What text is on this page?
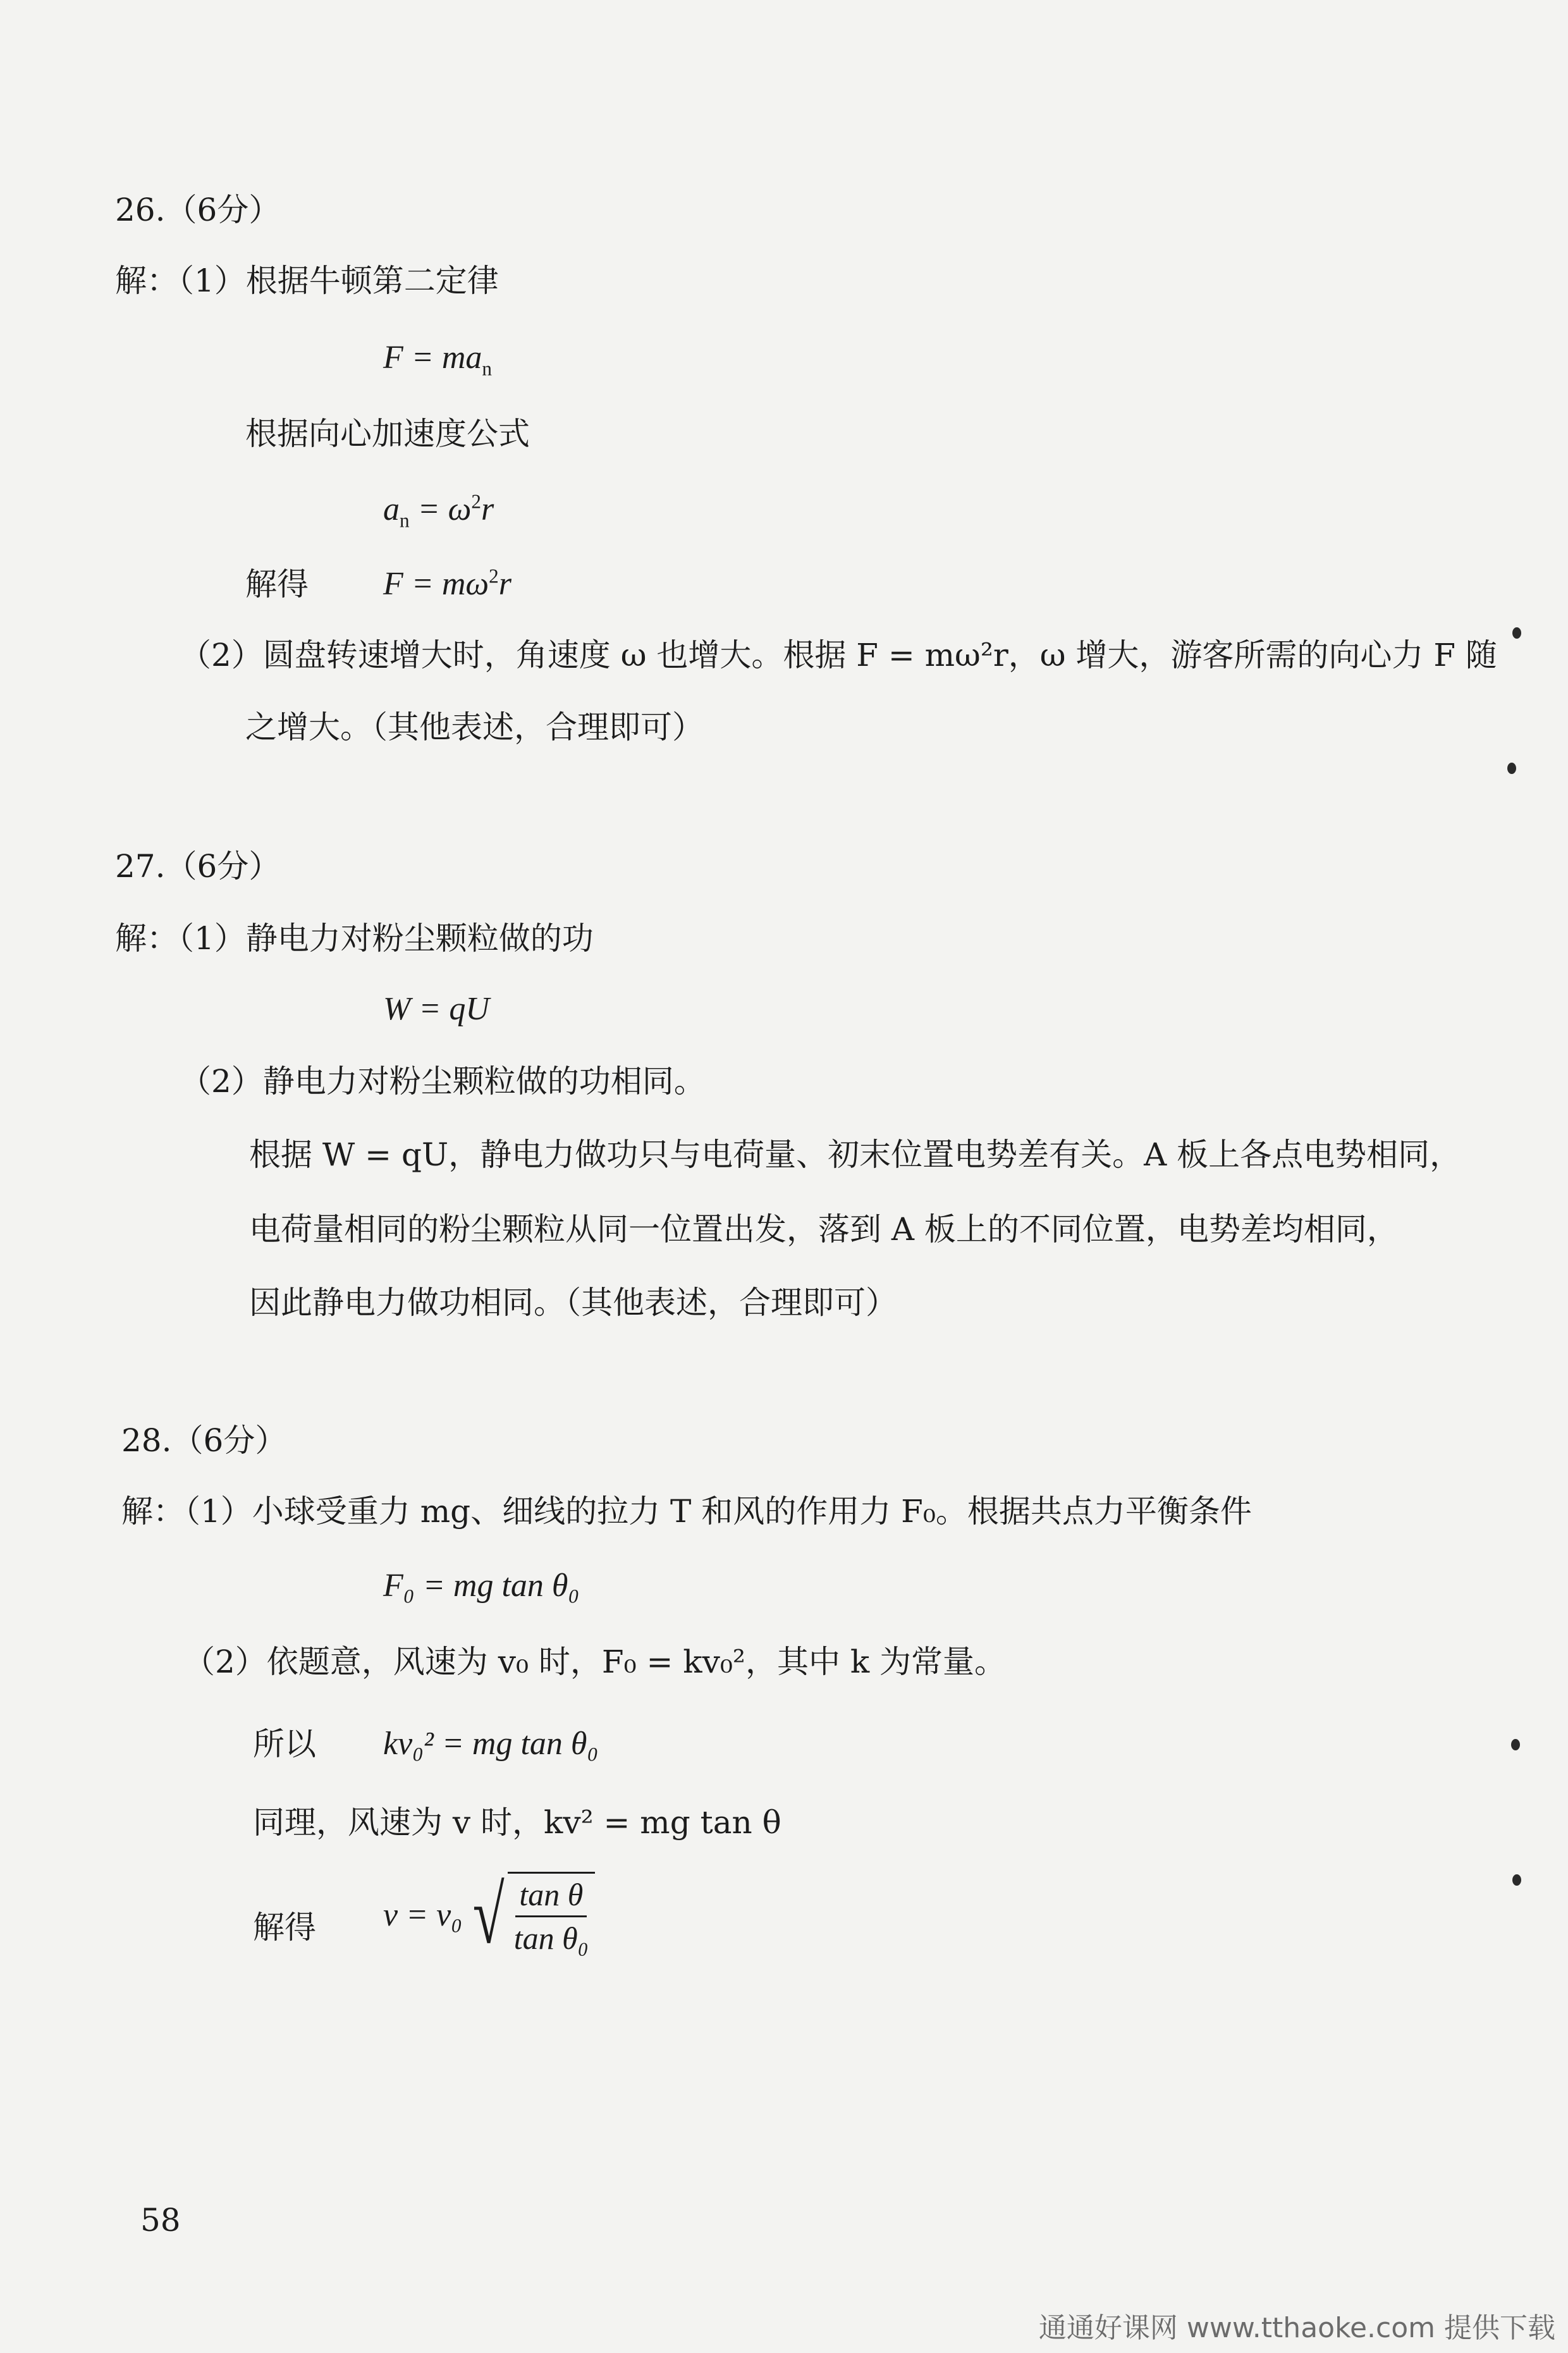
26.（6分）
解：（1）根据牛顿第二定律
$F = ma_n$
根据向心加速度公式
$a_n = \omega^2r$
解得 $F = m\omega^2r$
（2）圆盘转速增大时，角速度 ω 也增大。根据 F = mω²r，ω 增大，游客所需的向心力 F 随
之增大。（其他表述，合理即可）
27.（6分）
解：（1）静电力对粉尘颗粒做的功
W = qU
（2）静电力对粉尘颗粒做的功相同。
根据 W = qU，静电力做功只与电荷量、初末位置电势差有关。A 板上各点电势相同，
电荷量相同的粉尘颗粒从同一位置出发，落到 A 板上的不同位置，电势差均相同，
因此静电力做功相同。（其他表述，合理即可）
28.（6分）
解：（1）小球受重力 mg、细线的拉力 T 和风的作用力 F₀。根据共点力平衡条件
F₀ = mg tan θ₀
（2）依题意，风速为 v₀ 时，F₀ = kv₀²，其中 k 为常量。
所以 kv₀² = mg tan θ₀
同理，风速为 v 时，kv² = mg tan θ
解得 v = v₀ √ $\frac{\text{tan θ}}{\text{tan θ₀}}$
58
通通好课网 www.tthaoke.com 提供下载
